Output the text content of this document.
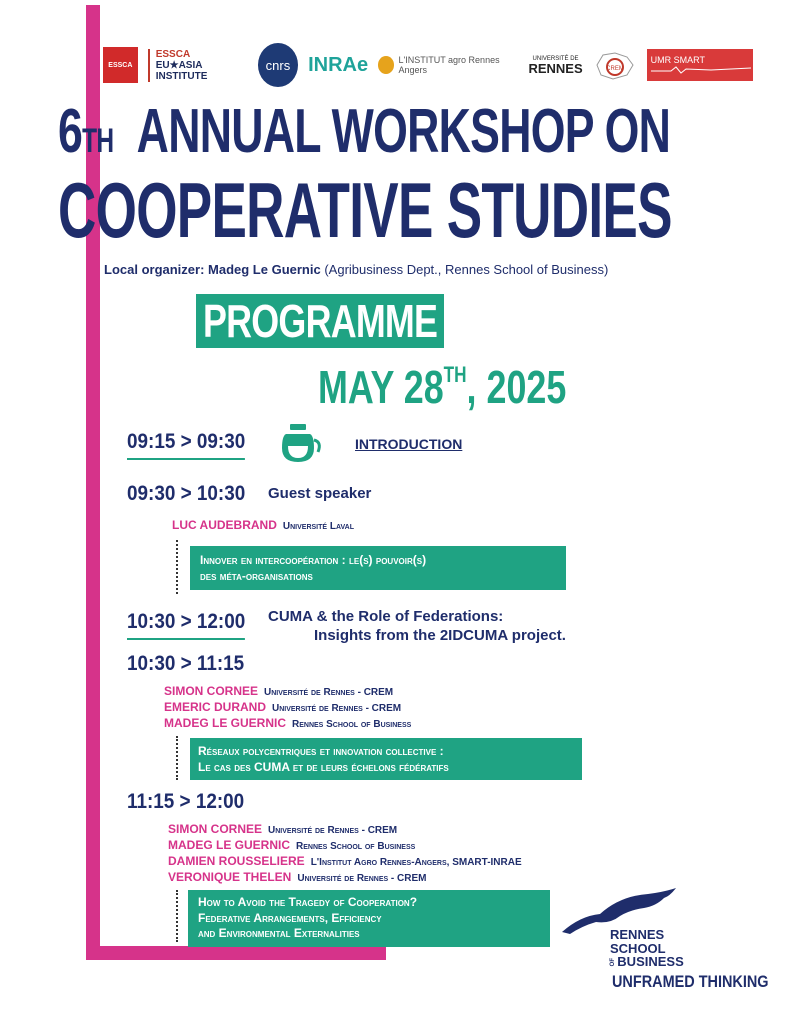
ESSCA
ESSCA
EU★ASIA INSTITUTE
cnrs INRAe	L'INSTITUT agro Rennes Angers
UNIVERSITÉ DE
RENNES	CREM
UMR SMART
6TH ANNUAL WORKSHOP ON
COOPERATIVE STUDIES
Local organizer: Madeg Le Guernic (Agribusiness Dept., Rennes School of Business)
PROGRAMME
MAY 28TH, 2025
09:15 > 09:30	INTRODUCTION
09:30 > 10:30 Guest speaker
LUC AUDEBRAND Université Laval
Innover en intercoopération : le(s) pouvoir(s)
des méta-organisations
10:30 > 12:00 CUMA & the Role of Federations:
Insights from the 2IDCUMA project.
10:30 > 11:15
SIMON CORNEE Université de Rennes - CREM
EMERIC DURAND Université de Rennes - CREM
MADEG LE GUERNIC Rennes School of Business
Réseaux polycentriques et innovation collective :
Le cas des CUMA et de leurs échelons fédératifs
11:15 > 12:00
SIMON CORNEE Université de Rennes - CREM
MADEG LE GUERNIC Rennes School of Business
DAMIEN ROUSSELIERE L'Institut Agro Rennes-Angers, SMART-INRAE
VERONIQUE THELEN Université de Rennes - CREM
How to Avoid the Tragedy of Cooperation?
Federative Arrangements, Efficiency
and Environmental Externalities	RENNES
SCHOOL
OF BUSINESS
UNFRAMED THINKING
